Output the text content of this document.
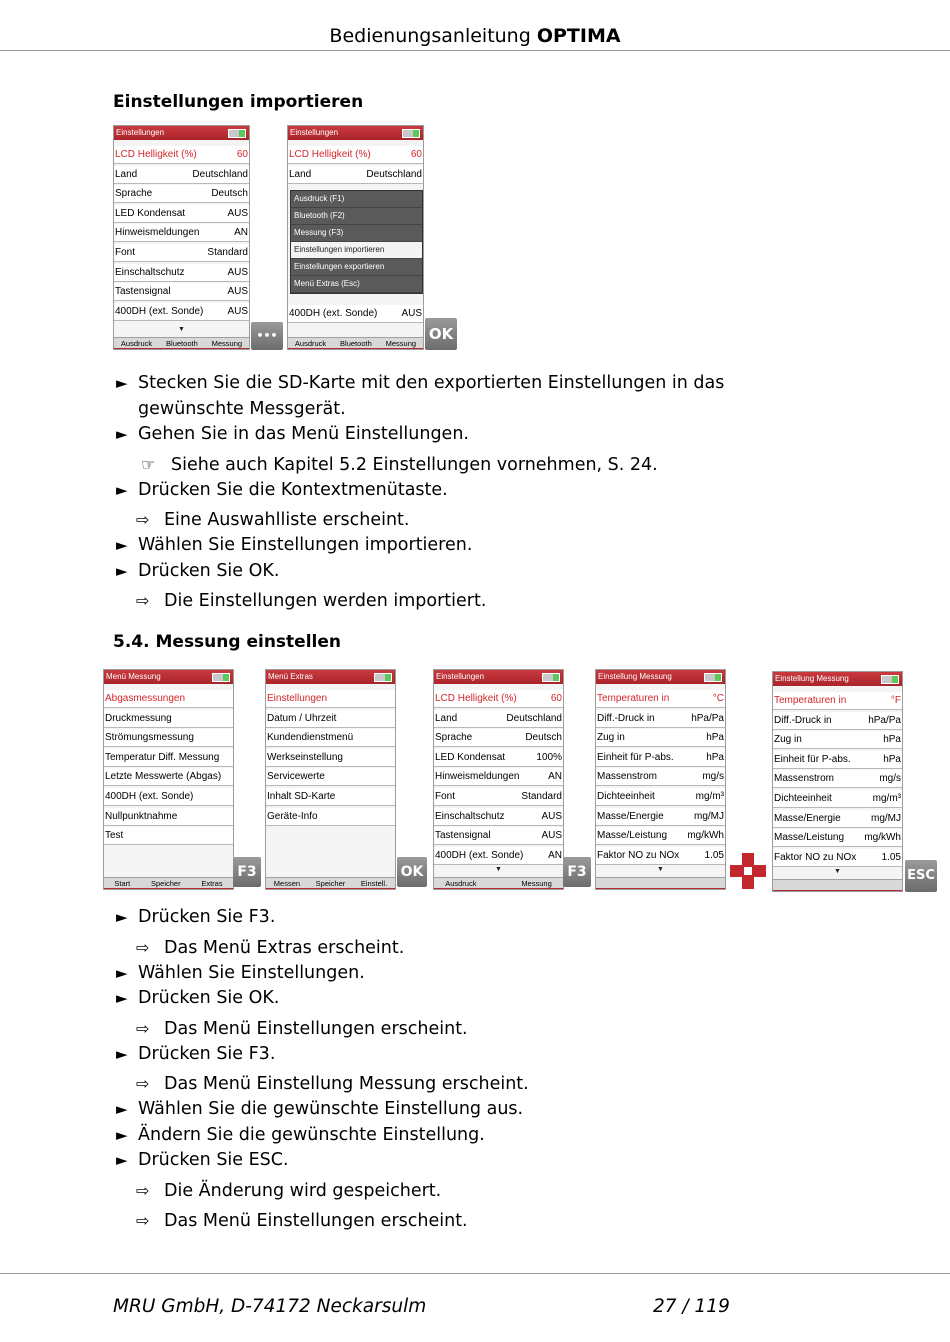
Bedienungsanleitung OPTIMA
Einstellungen importieren
Einstellungen
LCD Helligkeit (%)	60
Land	Deutschland
Sprache	Deutsch
LED Kondensat	AUS
Hinweismeldungen	AN
Font	Standard
Einschaltschutz	AUS
Tastensignal	AUS
400DH (ext. Sonde) AUS
▼
Ausdruck Bluetooth Messung
•••
Einstellungen
LCD Helligkeit (%)	60
Land	Deutschland
400DH (ext. Sonde) AUS
Ausdruck (F1)
Bluetooth (F2)
Messung (F3)
Einstellungen importieren
Einstellungen exportieren
Menü Extras (Esc)
Ausdruck Bluetooth Messung
OK
► Stecken Sie die SD-Karte mit den exportierten Einstellungen in das
gewünschte Messgerät.
► Gehen Sie in das Menü Einstellungen.
☞ Siehe auch Kapitel 5.2 Einstellungen vornehmen, S. 24.
► Drücken Sie die Kontextmenütaste.
⇨ Eine Auswahlliste erscheint.
► Wählen Sie Einstellungen importieren.
► Drücken Sie OK.
⇨ Die Einstellungen werden importiert.
5.4. Messung einstellen
Menü Messung
Abgasmessungen
Druckmessung
Strömungsmessung
Temperatur Diff. Messung
Letzte Messwerte (Abgas)
400DH (ext. Sonde)
Nullpunktnahme
Test
Start	Speicher	Extras
F3
Menü Extras
Einstellungen
Datum / Uhrzeit
Kundendienstmenü
Werkseinstellung
Servicewerte
Inhalt SD-Karte
Geräte-Info
Messen Speicher Einstell.
OK
Einstellungen
LCD Helligkeit (%)	60
Land	Deutschland
Sprache	Deutsch
LED Kondensat	100%
Hinweismeldungen	AN
Font	Standard
Einschaltschutz	AUS
Tastensignal	AUS
400DH (ext. Sonde) AN
▼
Ausdruck	Messung
F3
Einstellung Messung
Temperaturen in	°C
Diff.-Druck in	hPa/Pa
Zug in	hPa
Einheit für P-abs.	hPa
Massenstrom	mg/s
Dichteeinheit	mg/m³
Masse/Energie	mg/MJ
Masse/Leistung mg/kWh
Faktor NO zu NOx	1.05
▼
Einstellung Messung
Temperaturen in	°F
Diff.-Druck in	hPa/Pa
Zug in	hPa
Einheit für P-abs.	hPa
Massenstrom	mg/s
Dichteeinheit	mg/m³
Masse/Energie	mg/MJ
Masse/Leistung mg/kWh
Faktor NO zu NOx	1.05
▼	ESC
► Drücken Sie F3.
⇨ Das Menü Extras erscheint.
► Wählen Sie Einstellungen.
► Drücken Sie OK.
⇨ Das Menü Einstellungen erscheint.
► Drücken Sie F3.
⇨ Das Menü Einstellung Messung erscheint.
► Wählen Sie die gewünschte Einstellung aus.
► Ändern Sie die gewünschte Einstellung.
► Drücken Sie ESC.
⇨ Die Änderung wird gespeichert.
⇨ Das Menü Einstellungen erscheint.
MRU GmbH, D-74172 Neckarsulm	27 / 119
